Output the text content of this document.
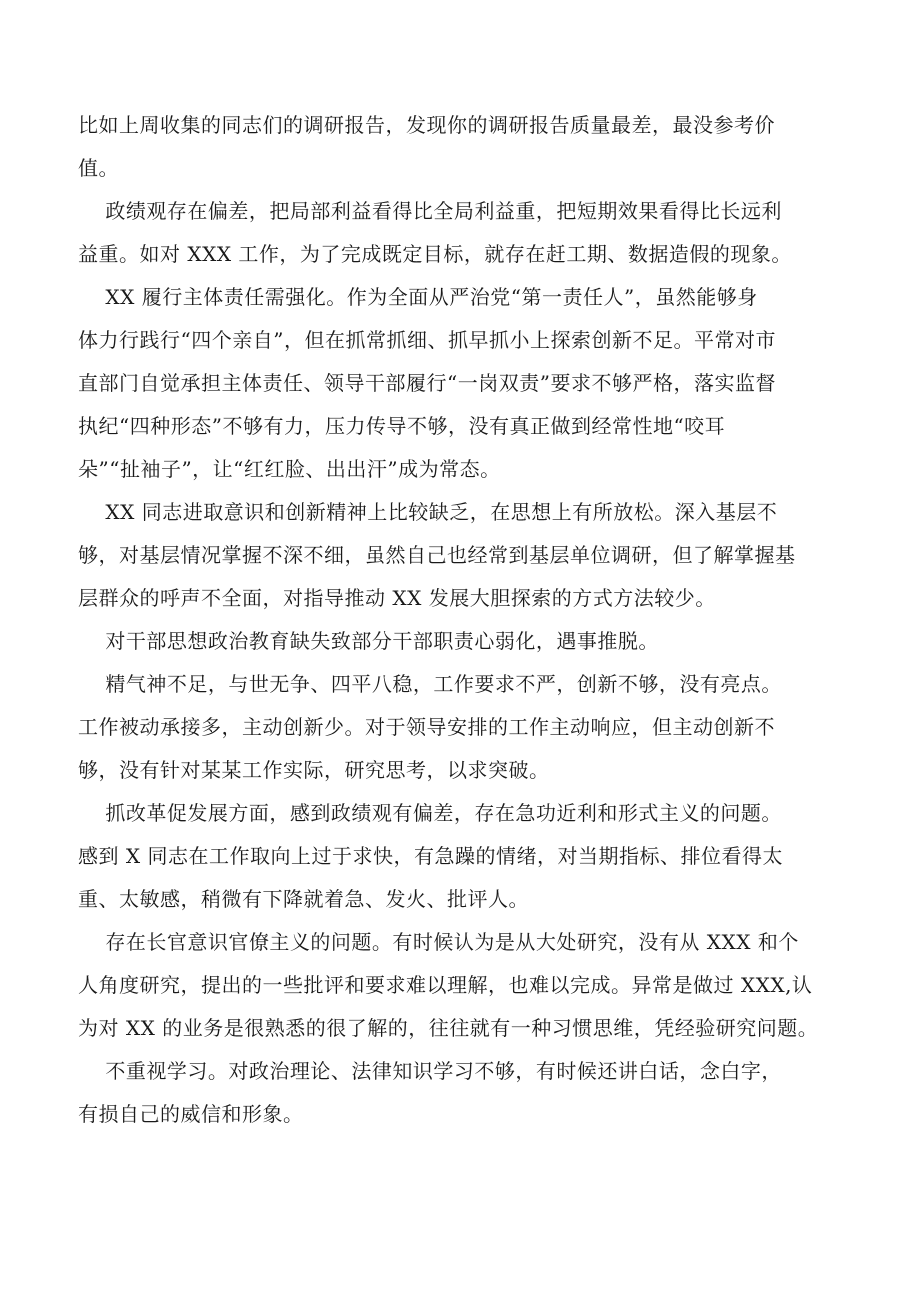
比如上周收集的同志们的调研报告，发现你的调研报告质量最差，最没参考价
值。
政绩观存在偏差，把局部利益看得比全局利益重，把短期效果看得比长远利
益重。如对 XXX 工作，为了完成既定目标，就存在赶工期、数据造假的现象。
XX 履行主体责任需强化。作为全面从严治党“第一责任人”，虽然能够身
体力行践行“四个亲自”，但在抓常抓细、抓早抓小上探索创新不足。平常对市
直部门自觉承担主体责任、领导干部履行“一岗双责”要求不够严格，落实监督
执纪“四种形态”不够有力，压力传导不够，没有真正做到经常性地“咬耳
朵”“扯袖子”，让“红红脸、出出汗”成为常态。
XX 同志进取意识和创新精神上比较缺乏，在思想上有所放松。深入基层不
够，对基层情况掌握不深不细，虽然自己也经常到基层单位调研，但了解掌握基
层群众的呼声不全面，对指导推动 XX 发展大胆探索的方式方法较少。
对干部思想政治教育缺失致部分干部职责心弱化，遇事推脱。
精气神不足，与世无争、四平八稳，工作要求不严，创新不够，没有亮点。
工作被动承接多，主动创新少。对于领导安排的工作主动响应，但主动创新不
够，没有针对某某工作实际，研究思考，以求突破。
抓改革促发展方面，感到政绩观有偏差，存在急功近利和形式主义的问题。
感到 X 同志在工作取向上过于求快，有急躁的情绪，对当期指标、排位看得太
重、太敏感，稍微有下降就着急、发火、批评人。
存在长官意识官僚主义的问题。有时候认为是从大处研究，没有从 XXX 和个
人角度研究，提出的一些批评和要求难以理解，也难以完成。异常是做过 XXX,认
为对 XX 的业务是很熟悉的很了解的，往往就有一种习惯思维，凭经验研究问题。
不重视学习。对政治理论、法律知识学习不够，有时候还讲白话，念白字，
有损自己的威信和形象。
